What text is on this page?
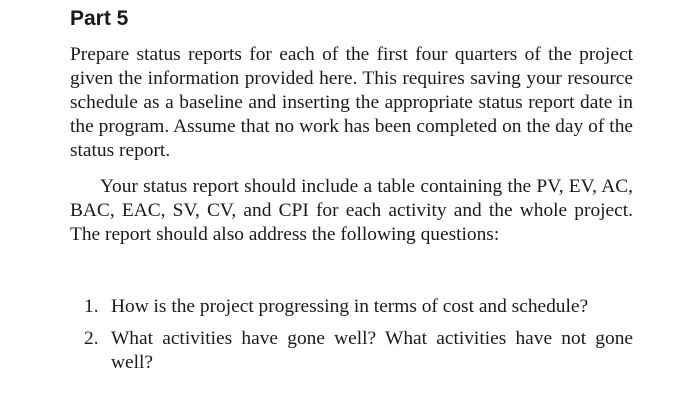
Part 5

Prepare status reports for each of the first four quarters of the project given the information provided here. This requires saving your resource schedule as a baseline and inserting the appropriate status report date in the program. Assume that no work has been completed on the day of the status report.

Your status report should include a table containing the PV, EV, AC, BAC, EAC, SV, CV, and CPI for each activity and the whole project. The report should also address the following questions:

1. How is the project progressing in terms of cost and schedule?

2. What activities have gone well? What activities have not gone well?
